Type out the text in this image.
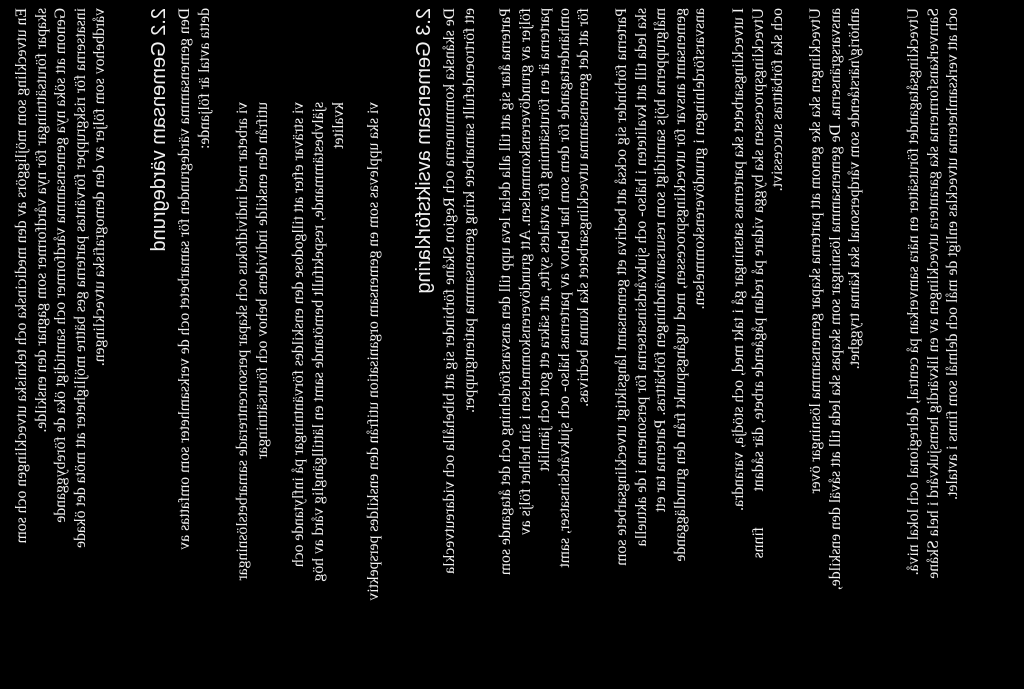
En utveckling som möjliggörs av den medicinska och tekniska utvecklingen och som skapar förutsättningar för nya vårdformer som gagnar den enskilde. Genom att söka nya gemensamma vårdformer och samtidigt öka de förebyggande insatserna för riskgrupper förväntas parterna ges bättre möjligheter att möta det ökade vårdbehov som följer av den demografiska utvecklingen. 2.2 Gemensam värdegrund Den gemensamma värdegrunden för samarbetet och de verksamheter som omfattas av detta avtal är följande:

vi arbetar med individfokus och skapar personcentrerade samarbetslösningar utifrån den enskilde individens behov och förutsättningar vi strävar efter att tillgodose den enskildes förväntningar på inflytande och självbestämmande, respektfullt bemötande samt en lättillgänglig vård av hög kvalitet vi ska upplevas som en gemensam organisation utifrån den enskildes perspektiv 2.3 Gemensam avsiktsförklaring De skånska kommunerna och Region Skåne förbinder sig att bibehålla och vidareutveckla ett förtroendefullt samarbete kring gemensamma patientgrupper. Parterna åtar sig att till alla delar leva upp till den ansvarsfördelning och det åtagande som följer av grundöverenskommelsen. Att grundöverenskommelsen i sin helhet följs av parterna är en förutsättning för avtalets syfte, att säkra ett gott och jämlikt omhändertagande för dem som har behov av parternas hälso- och sjukvårdsinsatser, samt för att det gemensamma utvecklingsarbetet ska kunna bedrivas. Parterna förbinder sig också att bedriva ett gemensamt långsiktigt utvecklingsarbete som ska leda till att kvaliteten i hälso- och sjukvårdsinsatserna för personerna i de aktuella målgrupperna höjs samtidigt som resursanvändningen förbättras. Parterna tar ett gemensamt ansvar för utvecklingsprocessen, med utgångspunkt från den grundläggande ansvarsfördelningen i grundöverenskommelsen. I utvecklingsarbetet ska parternas satsningar gå i takt med, och stödja, varandra. Utvecklingsprocessen ska bygga vidare på redan pågående arbete, där sådant         finns och ska förbättras successivt. Utvecklingen ska ske genom att parterna skapar gemensamma lösningar över ansvarsgränserna. De gemensamma lösningar som skapas ska leda till att såväl den enskilde, anhörig/närstående som vårdpersonal ska känna trygghet.	Utvecklingsåtagandet förutsätter en nära samverkan på central, delregional och lokal nivå. Samverkansformerna ska garantera utvecklingen av en likvärdig hemsjukvård i hela Skåne och att verksamheterna utvecklas enligt de mål och delmål som finns i avtalet.
